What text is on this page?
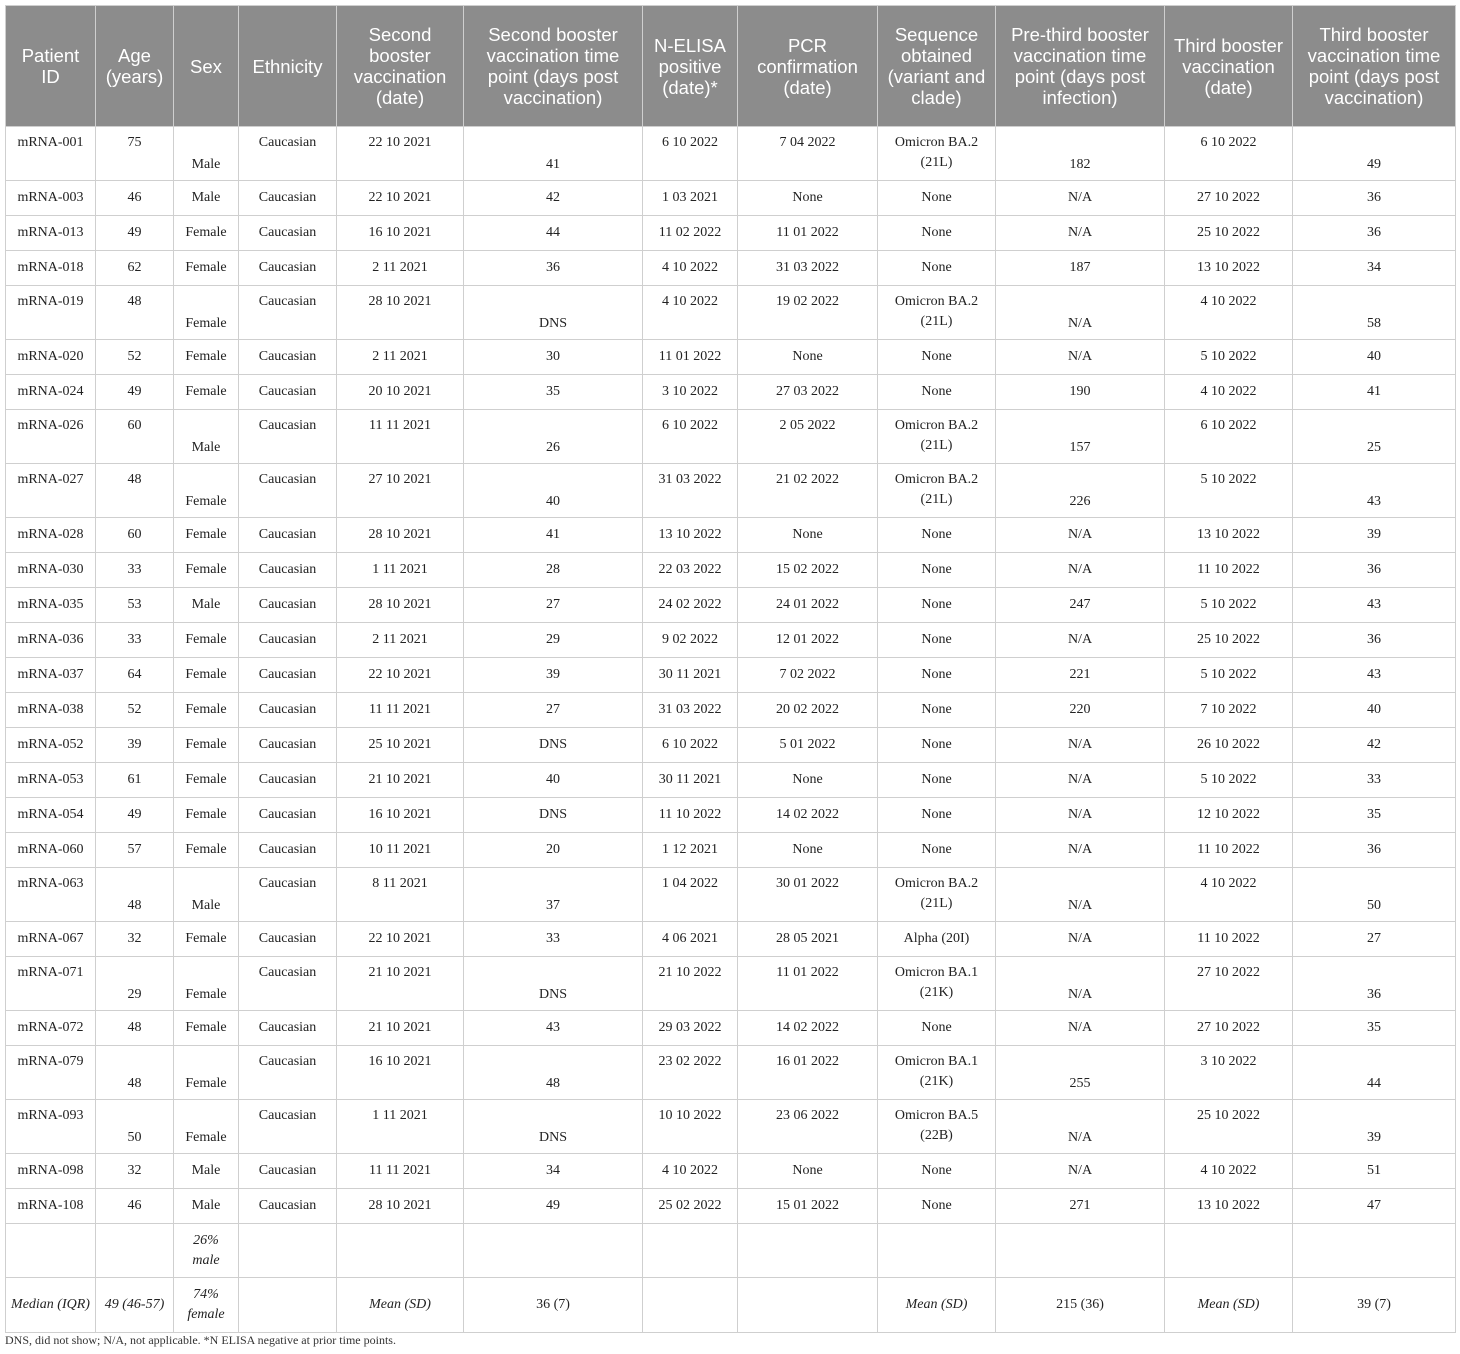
Patient ID	Age (years)	Sex	Ethnicity	Second booster vaccination (date)	Second booster vaccination time point (days post vaccination)	N-ELISA positive (date)*	PCR confirmation (date)	Sequence obtained (variant and clade)	Pre-third booster vaccination time point (days post infection)	Third booster vaccination (date)	Third booster vaccination time point (days post vaccination)
mRNA-001	75	Male	Caucasian	22 10 2021	41	6 10 2022	7 04 2022	Omicron BA.2 (21L)	182	6 10 2022	49
mRNA-003	46	Male	Caucasian	22 10 2021	42	1 03 2021	None	None	N/A	27 10 2022	36
mRNA-013	49	Female	Caucasian	16 10 2021	44	11 02 2022	11 01 2022	None	N/A	25 10 2022	36
mRNA-018	62	Female	Caucasian	2 11 2021	36	4 10 2022	31 03 2022	None	187	13 10 2022	34
mRNA-019	48	Female	Caucasian	28 10 2021	DNS	4 10 2022	19 02 2022	Omicron BA.2 (21L)	N/A	4 10 2022	58
mRNA-020	52	Female	Caucasian	2 11 2021	30	11 01 2022	None	None	N/A	5 10 2022	40
mRNA-024	49	Female	Caucasian	20 10 2021	35	3 10 2022	27 03 2022	None	190	4 10 2022	41
mRNA-026	60	Male	Caucasian	11 11 2021	26	6 10 2022	2 05 2022	Omicron BA.2 (21L)	157	6 10 2022	25
mRNA-027	48	Female	Caucasian	27 10 2021	40	31 03 2022	21 02 2022	Omicron BA.2 (21L)	226	5 10 2022	43
mRNA-028	60	Female	Caucasian	28 10 2021	41	13 10 2022	None	None	N/A	13 10 2022	39
mRNA-030	33	Female	Caucasian	1 11 2021	28	22 03 2022	15 02 2022	None	N/A	11 10 2022	36
mRNA-035	53	Male	Caucasian	28 10 2021	27	24 02 2022	24 01 2022	None	247	5 10 2022	43
mRNA-036	33	Female	Caucasian	2 11 2021	29	9 02 2022	12 01 2022	None	N/A	25 10 2022	36
mRNA-037	64	Female	Caucasian	22 10 2021	39	30 11 2021	7 02 2022	None	221	5 10 2022	43
mRNA-038	52	Female	Caucasian	11 11 2021	27	31 03 2022	20 02 2022	None	220	7 10 2022	40
mRNA-052	39	Female	Caucasian	25 10 2021	DNS	6 10 2022	5 01 2022	None	N/A	26 10 2022	42
mRNA-053	61	Female	Caucasian	21 10 2021	40	30 11 2021	None	None	N/A	5 10 2022	33
mRNA-054	49	Female	Caucasian	16 10 2021	DNS	11 10 2022	14 02 2022	None	N/A	12 10 2022	35
mRNA-060	57	Female	Caucasian	10 11 2021	20	1 12 2021	None	None	N/A	11 10 2022	36
mRNA-063	48	Male	Caucasian	8 11 2021	37	1 04 2022	30 01 2022	Omicron BA.2 (21L)	N/A	4 10 2022	50
mRNA-067	32	Female	Caucasian	22 10 2021	33	4 06 2021	28 05 2021	Alpha (20I)	N/A	11 10 2022	27
mRNA-071	29	Female	Caucasian	21 10 2021	DNS	21 10 2022	11 01 2022	Omicron BA.1 (21K)	N/A	27 10 2022	36
mRNA-072	48	Female	Caucasian	21 10 2021	43	29 03 2022	14 02 2022	None	N/A	27 10 2022	35
mRNA-079	48	Female	Caucasian	16 10 2021	48	23 02 2022	16 01 2022	Omicron BA.1 (21K)	255	3 10 2022	44
mRNA-093	50	Female	Caucasian	1 11 2021	DNS	10 10 2022	23 06 2022	Omicron BA.5 (22B)	N/A	25 10 2022	39
mRNA-098	32	Male	Caucasian	11 11 2021	34	4 10 2022	None	None	N/A	4 10 2022	51
mRNA-108	46	Male	Caucasian	28 10 2021	49	25 02 2022	15 01 2022	None	271	13 10 2022	47
		26% male									
Median (IQR)	49 (46-57)	74% female		Mean (SD)	36 (7)			Mean (SD)	215 (36)	Mean (SD)	39 (7)
DNS, did not show; N/A, not applicable. *N ELISA negative at prior time points.
